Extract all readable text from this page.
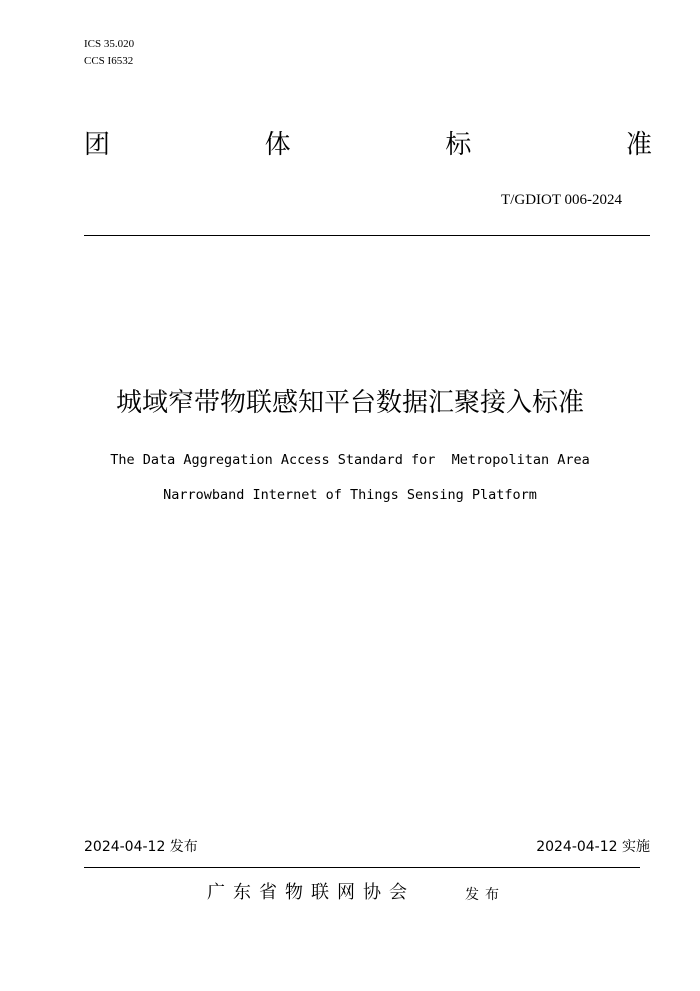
ICS 35.020
CCS I6532
团	体	标	准
T/GDIOT 006-2024
城域窄带物联感知平台数据汇聚接入标准
The Data Aggregation Access Standard for  Metropolitan Area
Narrowband Internet of Things Sensing Platform
2024-04-12 发布	2024-04-12 实施
广东省物联网协会	发布
